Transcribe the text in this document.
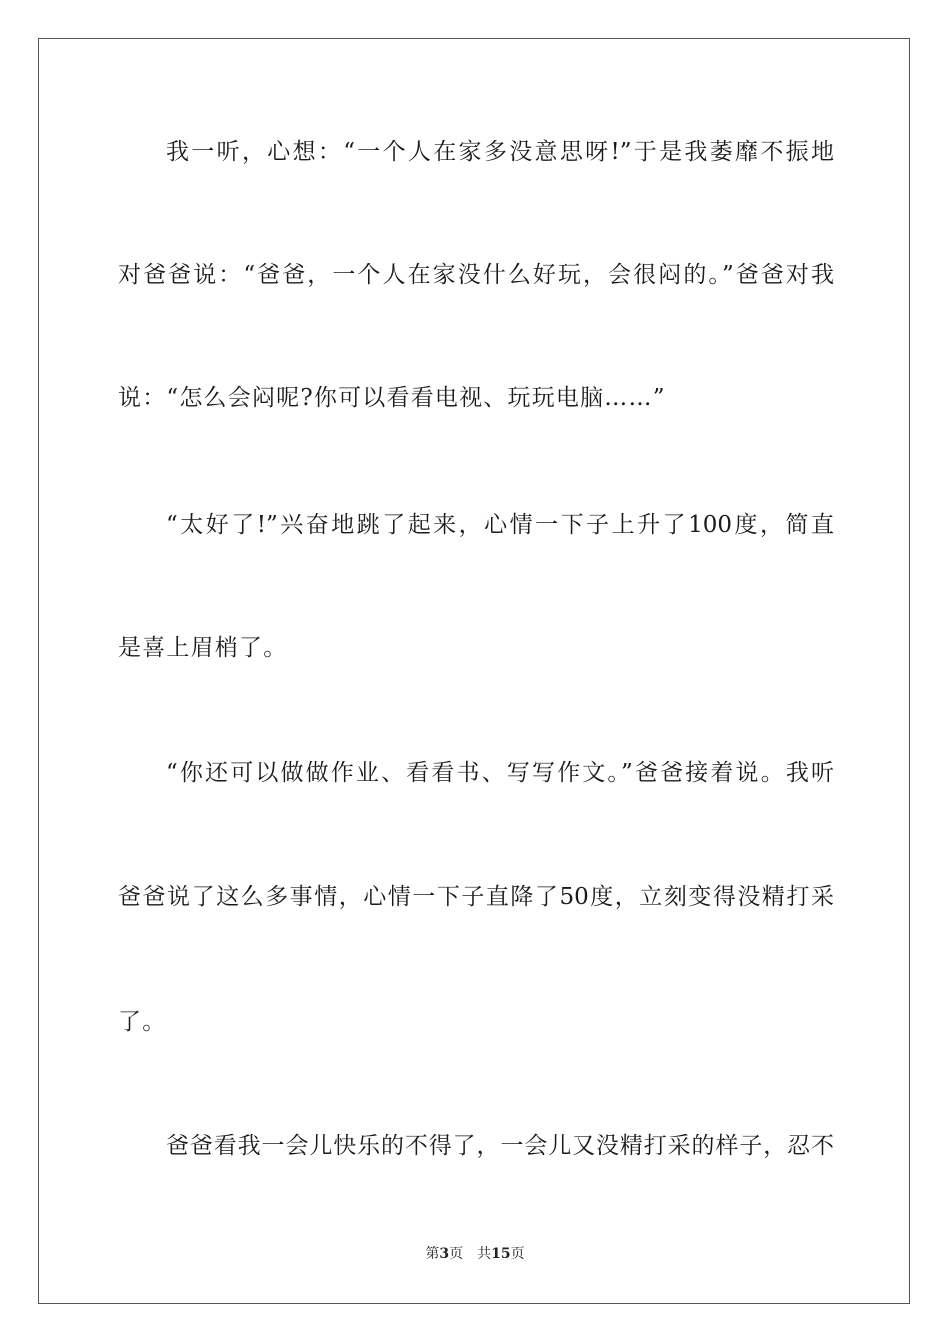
我一听，心想：“一个人在家多没意思呀!”于是我萎靡不振地
对爸爸说：“爸爸，一个人在家没什么好玩，会很闷的。”爸爸对我
说：“怎么会闷呢?你可以看看电视、玩玩电脑……”
“太好了!”兴奋地跳了起来，心情一下子上升了100度，简直
是喜上眉梢了。
“你还可以做做作业、看看书、写写作文。”爸爸接着说。我听
爸爸说了这么多事情，心情一下子直降了50度，立刻变得没精打采
了。
爸爸看我一会儿快乐的不得了，一会儿又没精打采的样子，忍不
第3页 共15页
